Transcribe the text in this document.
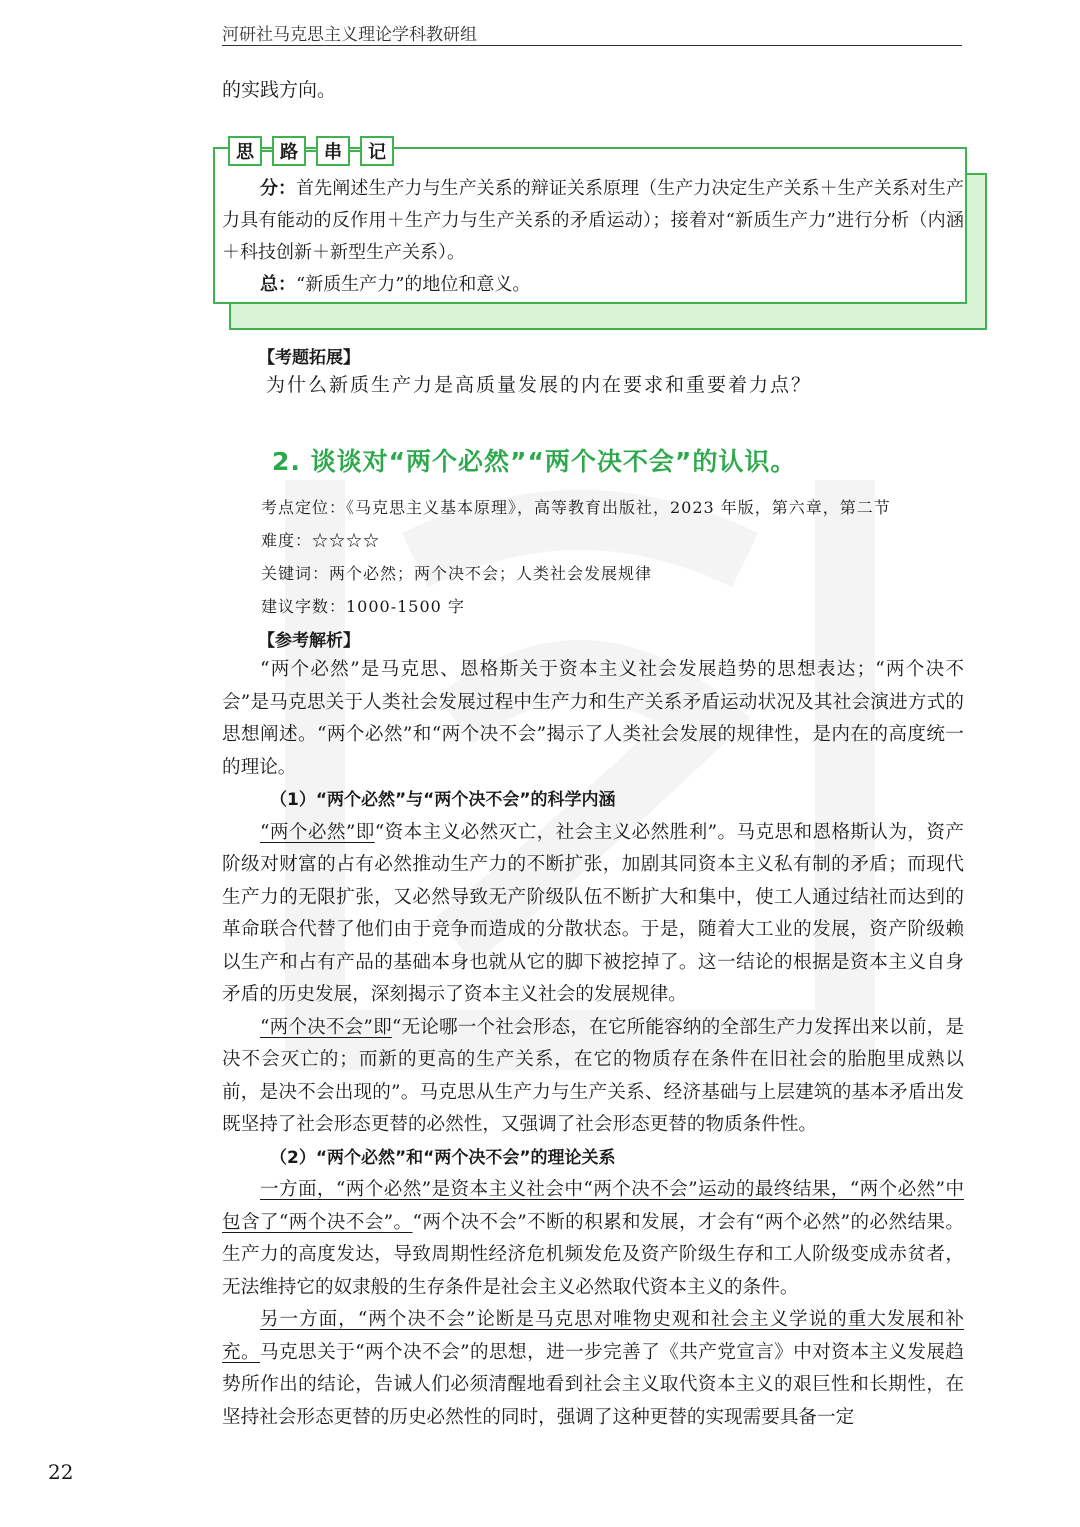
河研社马克思主义理论学科教研组
的实践方向。
思	路	串	记

分：首先阐述生产力与生产关系的辩证关系原理（生产力决定生产关系＋生产关系对生产力具有能动的反作用＋生产力与生产关系的矛盾运动）；接着对“新质生产力”进行分析（内涵＋科技创新＋新型生产关系）。

总：“新质生产力”的地位和意义。

【考题拓展】
为什么新质生产力是高质量发展的内在要求和重要着力点？
2. 谈谈对“两个必然”“两个决不会”的认识。
考点定位：《马克思主义基本原理》，高等教育出版社，2023 年版，第六章，第二节
难度：☆☆☆☆
关键词：两个必然；两个决不会；人类社会发展规律
建议字数：1000-1500 字
【参考解析】

“两个必然”是马克思、恩格斯关于资本主义社会发展趋势的思想表达；“两个决不会”是马克思关于人类社会发展过程中生产力和生产关系矛盾运动状况及其社会演进方式的思想阐述。“两个必然”和“两个决不会”揭示了人类社会发展的规律性，是内在的高度统一的理论。

（1）“两个必然”与“两个决不会”的科学内涵

“两个必然”即“资本主义必然灭亡，社会主义必然胜利”。马克思和恩格斯认为，资产阶级对财富的占有必然推动生产力的不断扩张，加剧其同资本主义私有制的矛盾；而现代生产力的无限扩张，又必然导致无产阶级队伍不断扩大和集中，使工人通过结社而达到的革命联合代替了他们由于竞争而造成的分散状态。于是，随着大工业的发展，资产阶级赖以生产和占有产品的基础本身也就从它的脚下被挖掉了。这一结论的根据是资本主义自身矛盾的历史发展，深刻揭示了资本主义社会的发展规律。

“两个决不会”即“无论哪一个社会形态，在它所能容纳的全部生产力发挥出来以前，是决不会灭亡的；而新的更高的生产关系，在它的物质存在条件在旧社会的胎胞里成熟以前，是决不会出现的”。马克思从生产力与生产关系、经济基础与上层建筑的基本矛盾出发既坚持了社会形态更替的必然性，又强调了社会形态更替的物质条件性。

（2）“两个必然”和“两个决不会”的理论关系

一方面，“两个必然”是资本主义社会中“两个决不会”运动的最终结果，“两个必然”中包含了“两个决不会”。“两个决不会”不断的积累和发展，才会有“两个必然”的必然结果。生产力的高度发达，导致周期性经济危机频发危及资产阶级生存和工人阶级变成赤贫者，无法维持它的奴隶般的生存条件是社会主义必然取代资本主义的条件。

另一方面，“两个决不会”论断是马克思对唯物史观和社会主义学说的重大发展和补充。马克思关于“两个决不会”的思想，进一步完善了《共产党宣言》中对资本主义发展趋势所作出的结论，告诫人们必须清醒地看到社会主义取代资本主义的艰巨性和长期性，在坚持社会形态更替的历史必然性的同时，强调了这种更替的实现需要具备一定

22
